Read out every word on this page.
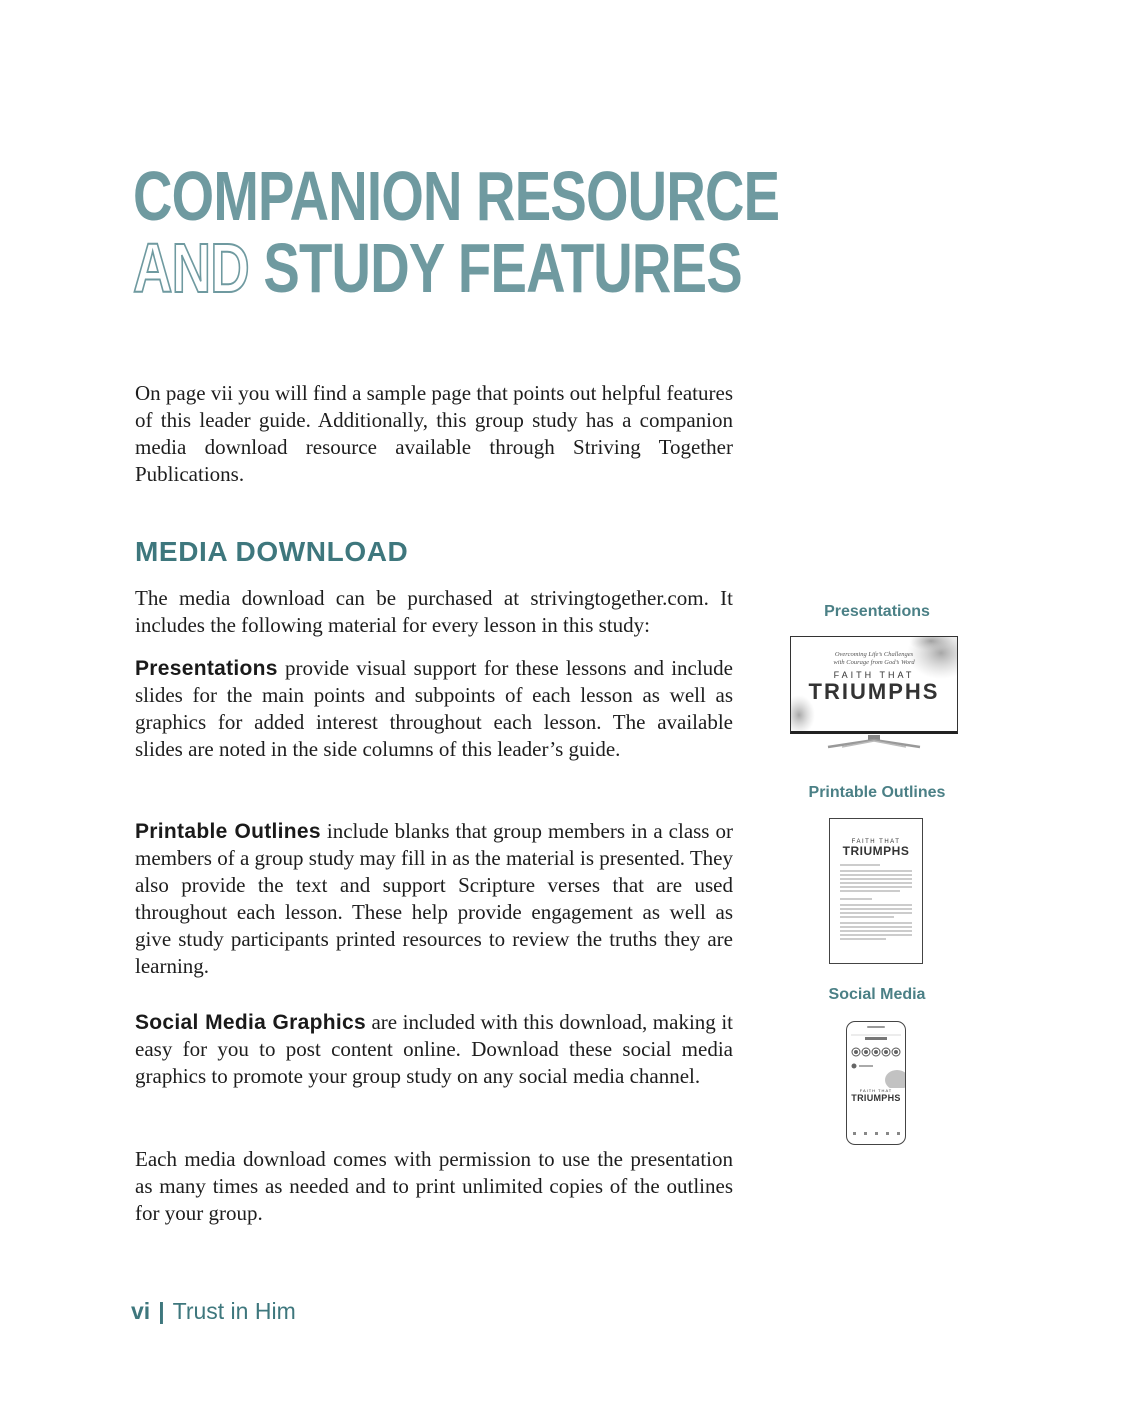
COMPANION RESOURCE
AND STUDY FEATURES

On page vii you will find a sample page that points out helpful features of this leader guide. Additionally, this group study has a companion media download resource available through Striving Together Publications.

MEDIA DOWNLOAD

The media download can be purchased at strivingtogether.com. It includes the following material for every lesson in this study:

Presentations provide visual support for these lessons and include slides for the main points and subpoints of each lesson as well as graphics for added interest throughout each lesson. The available slides are noted in the side columns of this leader’s guide.

Printable Outlines include blanks that group members in a class or members of a group study may fill in as the material is presented. They also provide the text and support Scripture verses that are used throughout each lesson. These help provide engagement as well as give study participants printed resources to review the truths they are learning.

Social Media Graphics are included with this download, making it easy for you to post content online. Download these social media graphics to promote your group study on any social media channel.

Each media download comes with permission to use the presentation as many times as needed and to print unlimited copies of the outlines for your group.

Presentations

Overcoming Life’s Challenges
with Courage from God’s Word
FAITH THAT
TRIUMPHS

Printable Outlines

FAITH THAT
TRIUMPHS

Social Media

FAITH THAT
TRIUMPHS

vi | Trust in Him
